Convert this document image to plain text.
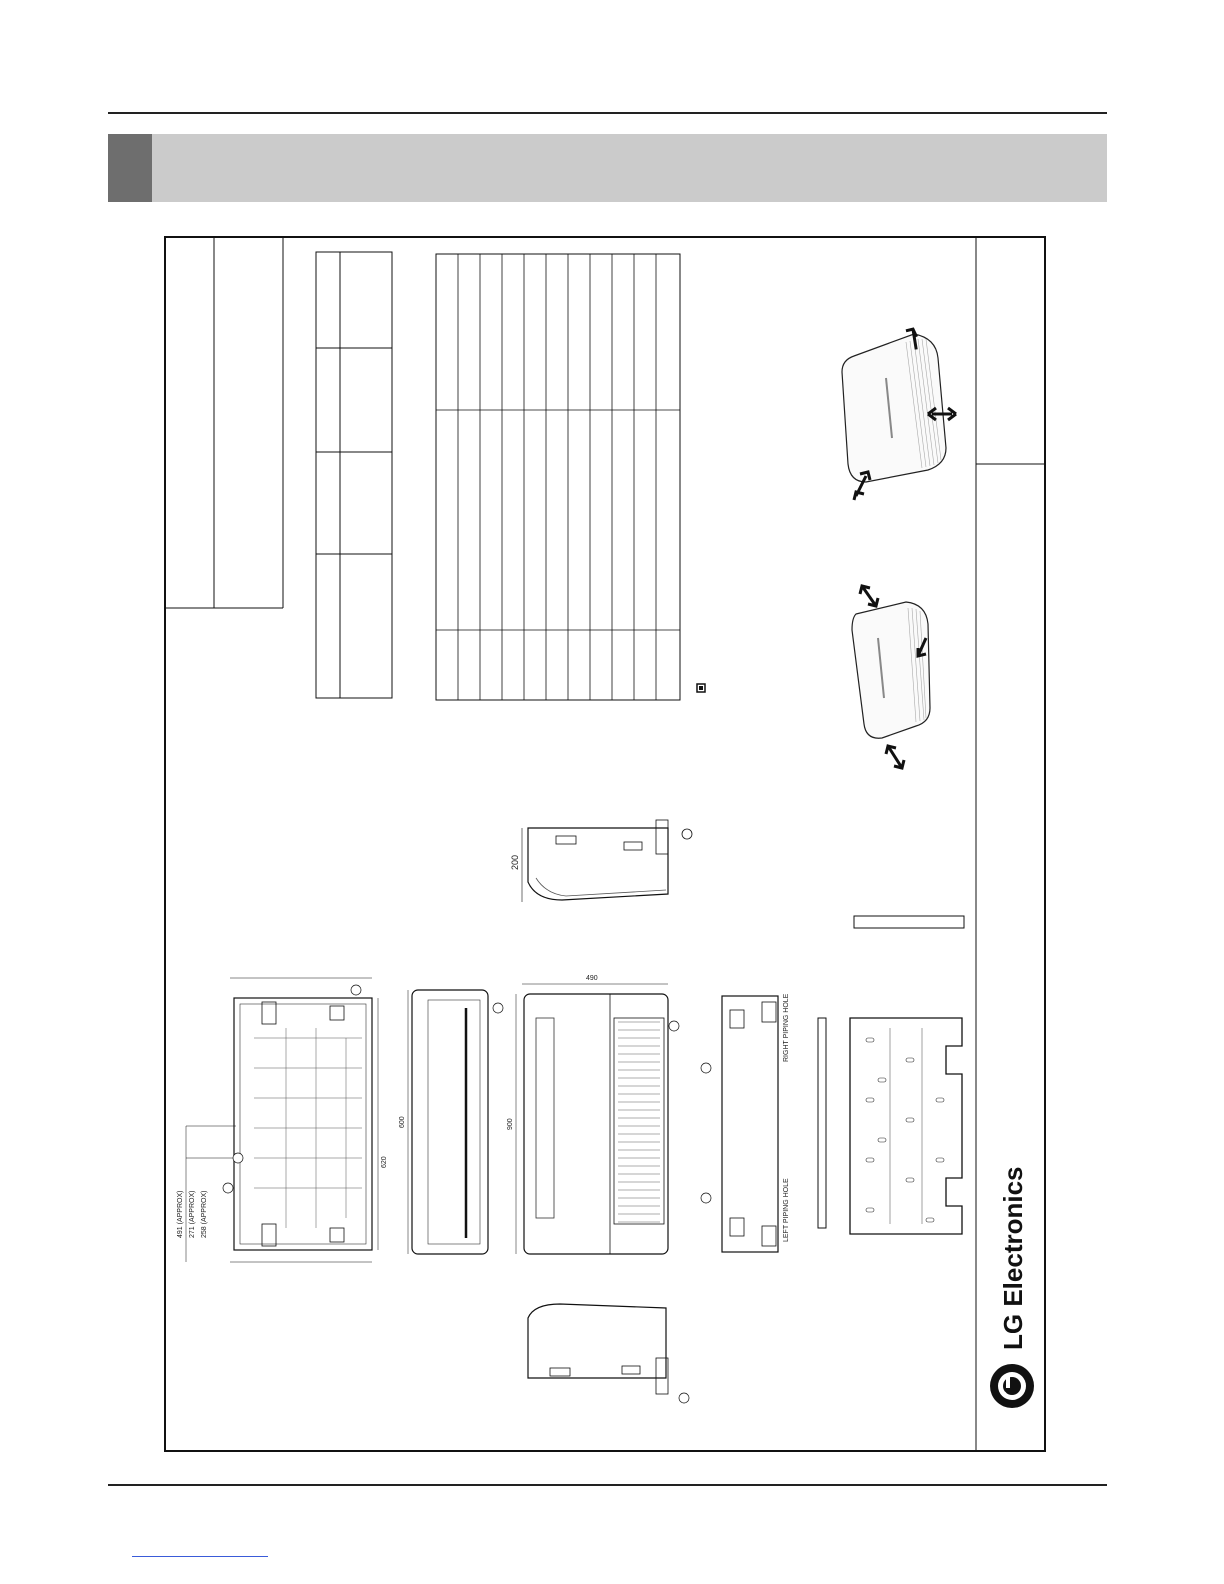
200
620
491 (APPROX) 271 (APPROX) 258 (APPROX)
600	900
490
RIGHT PIPING HOLE
LEFT PIPING HOLE	LG Electronics
